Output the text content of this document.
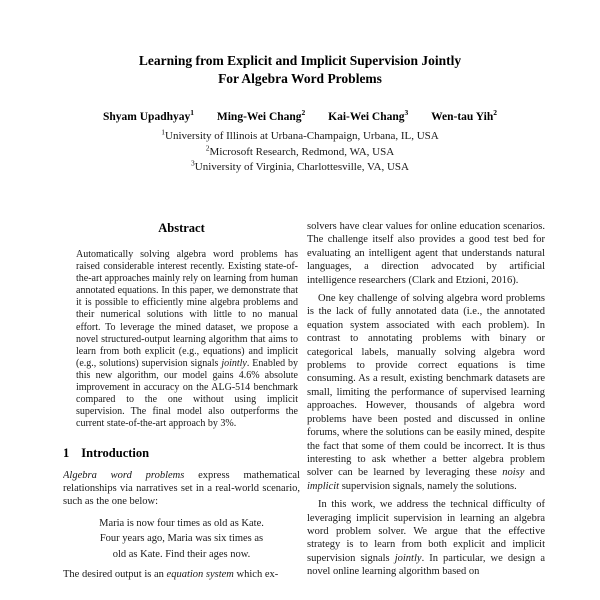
Learning from Explicit and Implicit Supervision Jointly
For Algebra Word Problems
Shyam Upadhyay$^1$ Ming-Wei Chang$^2$ Kai-Wei Chang$^3$ Wen-tau Yih$^2$
$^1$University of Illinois at Urbana-Champaign, Urbana, IL, USA
$^2$Microsoft Research, Redmond, WA, USA
$^3$University of Virginia, Charlottesville, VA, USA
Abstract

Automatically solving algebra word problems has raised considerable interest recently. Existing state-of-the-art approaches mainly rely on learning from human annotated equations. In this paper, we demonstrate that it is possible to efficiently mine algebra problems and their numerical solutions with little to no manual effort. To leverage the mined dataset, we propose a novel structured-output learning algorithm that aims to learn from both explicit (e.g., equations) and implicit (e.g., solutions) supervision signals jointly. Enabled by this new algorithm, our model gains 4.6% absolute improvement in accuracy on the ALG-514 benchmark compared to the one without using implicit supervision. The final model also outperforms the current state-of-the-art approach by 3%.

1 Introduction

Algebra word problems express mathematical relationships via narratives set in a real-world scenario, such as the one below:

Maria is now four times as old as Kate.
Four years ago, Maria was six times as
old as Kate. Find their ages now.

The desired output is an equation system which ex-

solvers have clear values for online education scenarios. The challenge itself also provides a good test bed for evaluating an intelligent agent that understands natural languages, a direction advocated by artificial intelligence researchers (Clark and Etzioni, 2016).

One key challenge of solving algebra word problems is the lack of fully annotated data (i.e., the annotated equation system associated with each problem). In contrast to annotating problems with binary or categorical labels, manually solving algebra word problems to provide correct equations is time consuming. As a result, existing benchmark datasets are small, limiting the performance of supervised learning approaches. However, thousands of algebra word problems have been posted and discussed in online forums, where the solutions can be easily mined, despite the fact that some of them could be incorrect. It is thus interesting to ask whether a better algebra problem solver can be learned by leveraging these noisy and implicit supervision signals, namely the solutions.

In this work, we address the technical difficulty of leveraging implicit supervision in learning an algebra word problem solver. We argue that the effective strategy is to learn from both explicit and implicit supervision signals jointly. In particular, we design a novel online learning algorithm based on
